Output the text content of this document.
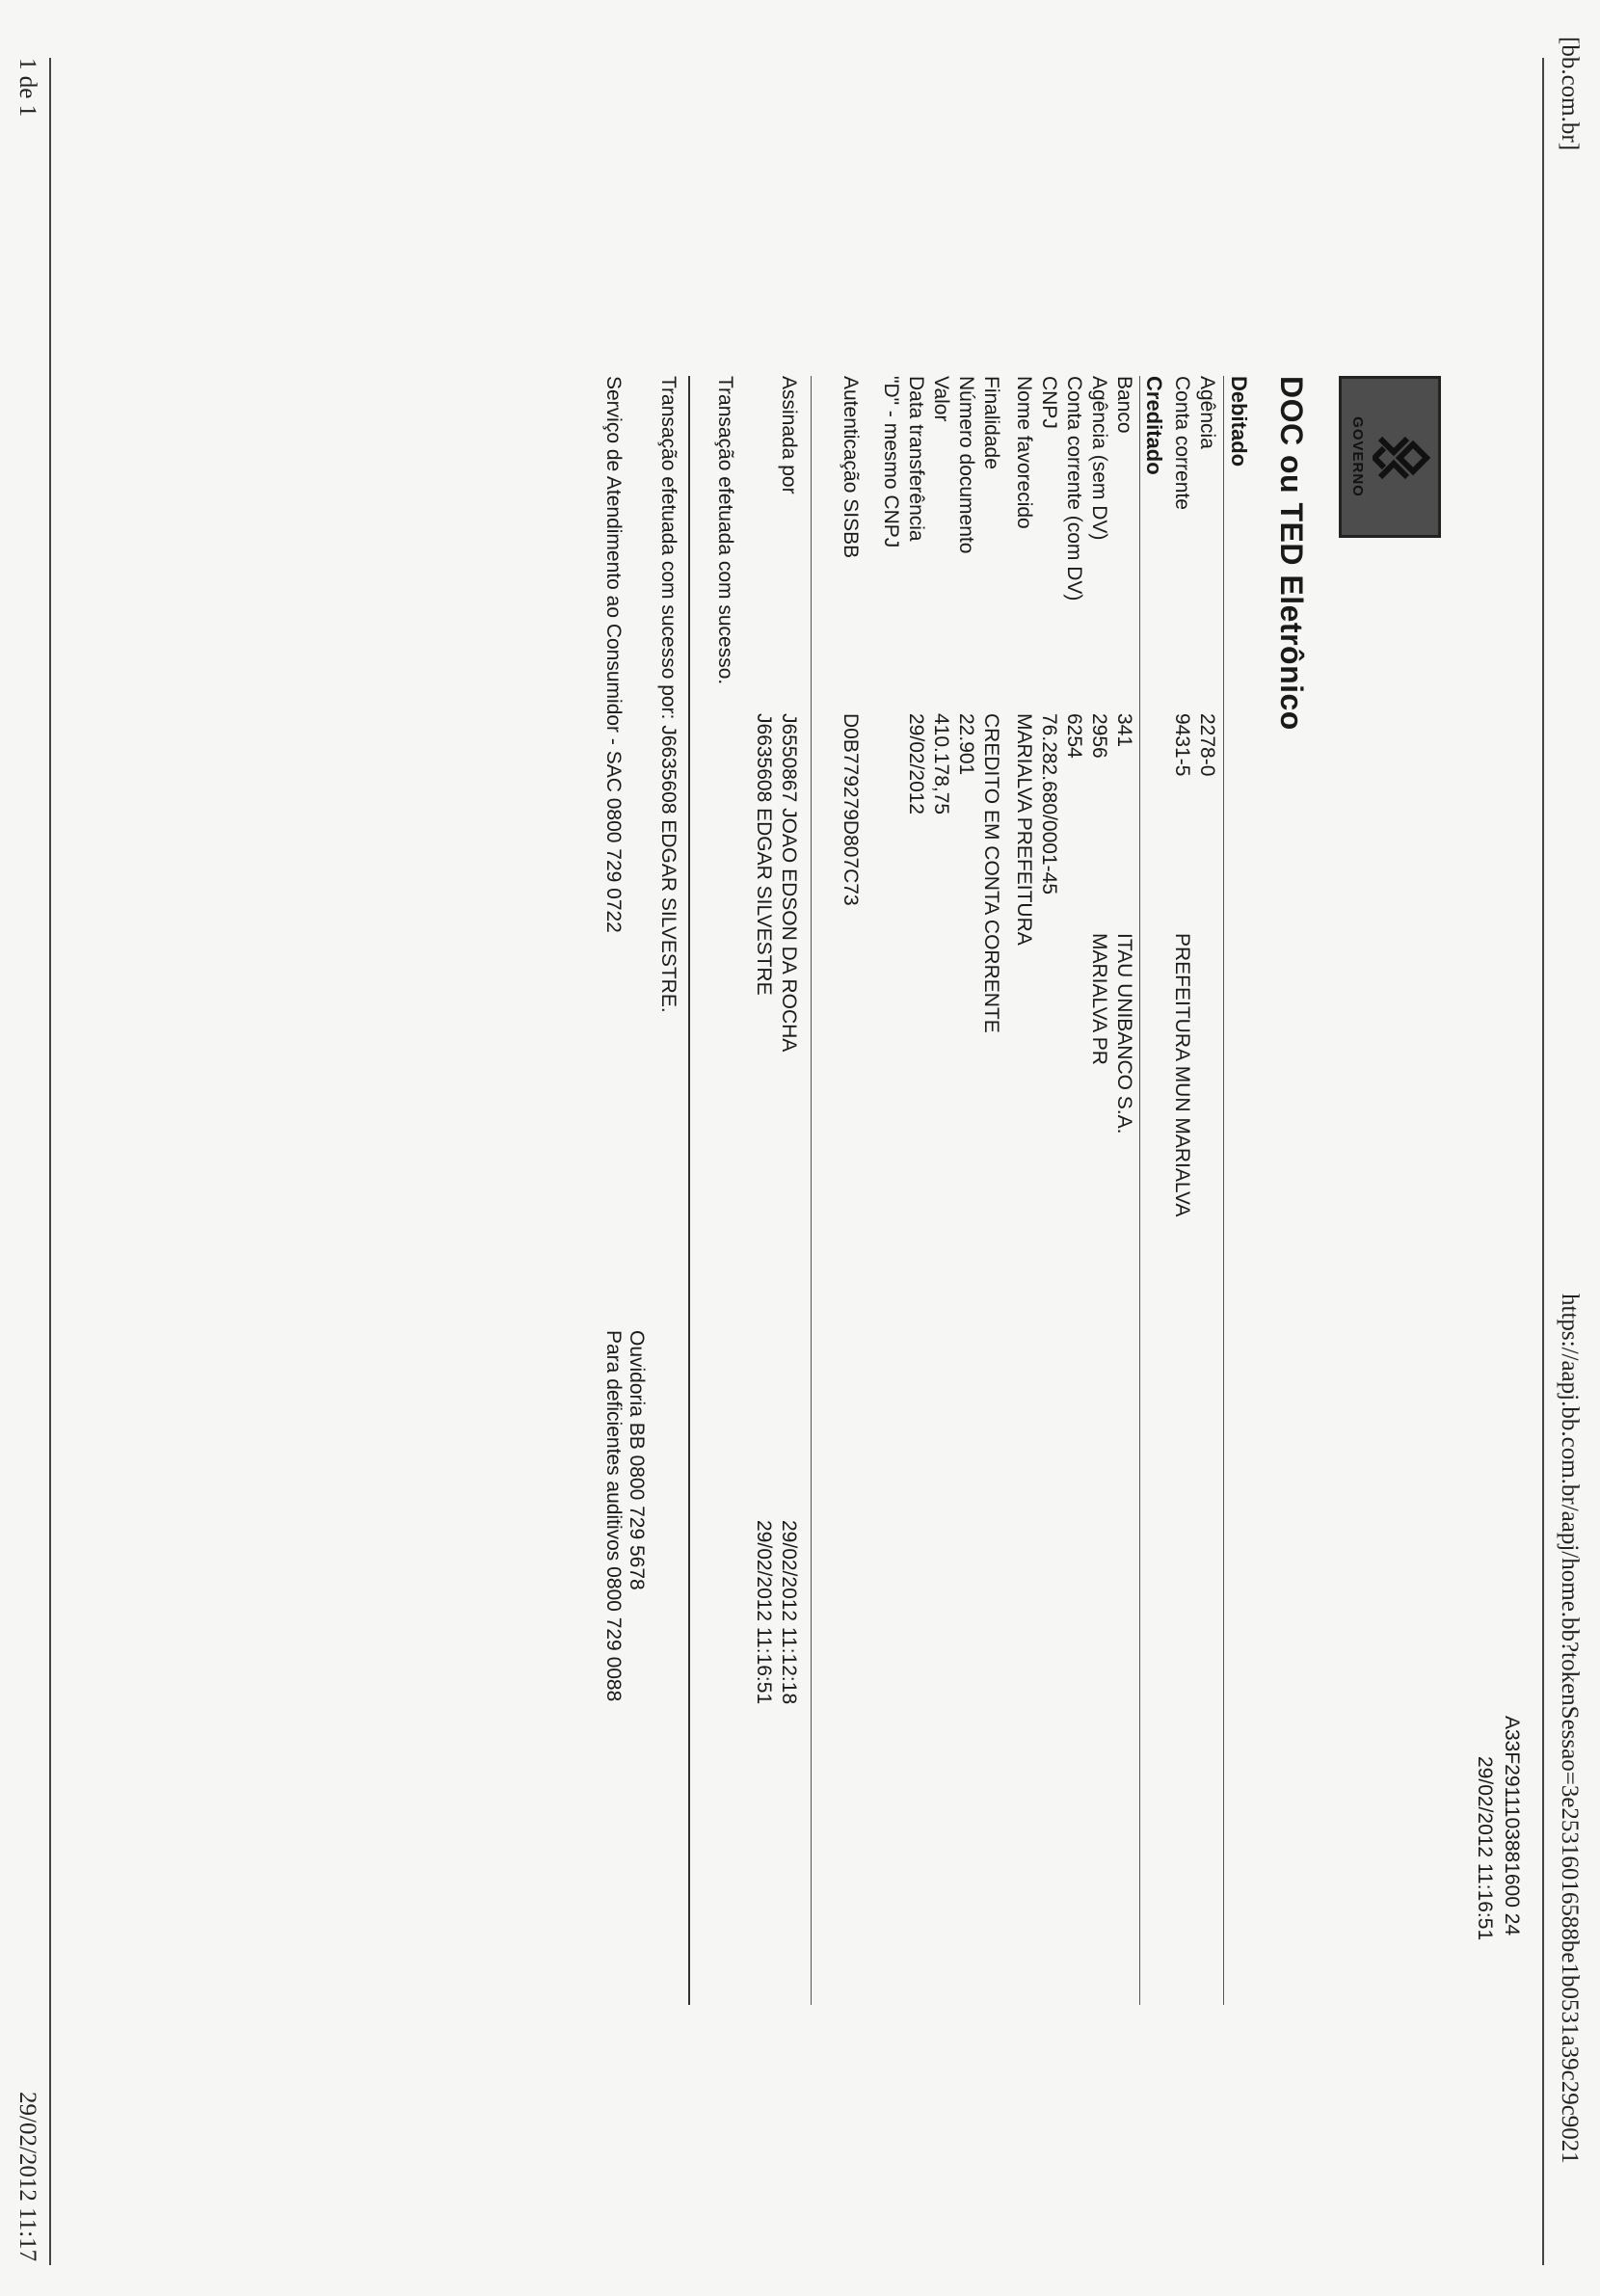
[bb.com.br]
https://aapj.bb.com.br/aapj/home.bb?tokenSessao=3e25316016588be1b0531a39c29c9021
A33F2911103881600 24
29/02/2012 11:16:51
GOVERNO
DOC ou TED Eletrônico
Debitado
Agência
2278-0
Conta corrente
9431-5
PREFEITURA MUN MARIALVA
Creditado
Banco
341
ITAU UNIBANCO S.A.
Agência (sem DV)
2956
MARIALVA PR
Conta corrente (com DV)
6254
CNPJ
76.282.680/0001-45
Nome favorecido
MARIALVA PREFEITURA
Finalidade
CREDITO EM CONTA CORRENTE
Número documento
22.901
Valor
410.178,75
Data transferência
29/02/2012
"D" - mesmo CNPJ
Autenticação SISBB
D0B779279D807C73
Assinada por
J6550867 JOAO EDSON DA ROCHA
29/02/2012 11:12:18
J6635608 EDGAR SILVESTRE
29/02/2012 11:16:51
Transação efetuada com sucesso.
Transação efetuada com sucesso por: J6635608 EDGAR SILVESTRE.
Ouvidoria BB 0800 729 5678
Serviço de Atendimento ao Consumidor - SAC 0800 729 0722
Para deficientes auditivos 0800 729 0088
1 de 1
29/02/2012 11:17
